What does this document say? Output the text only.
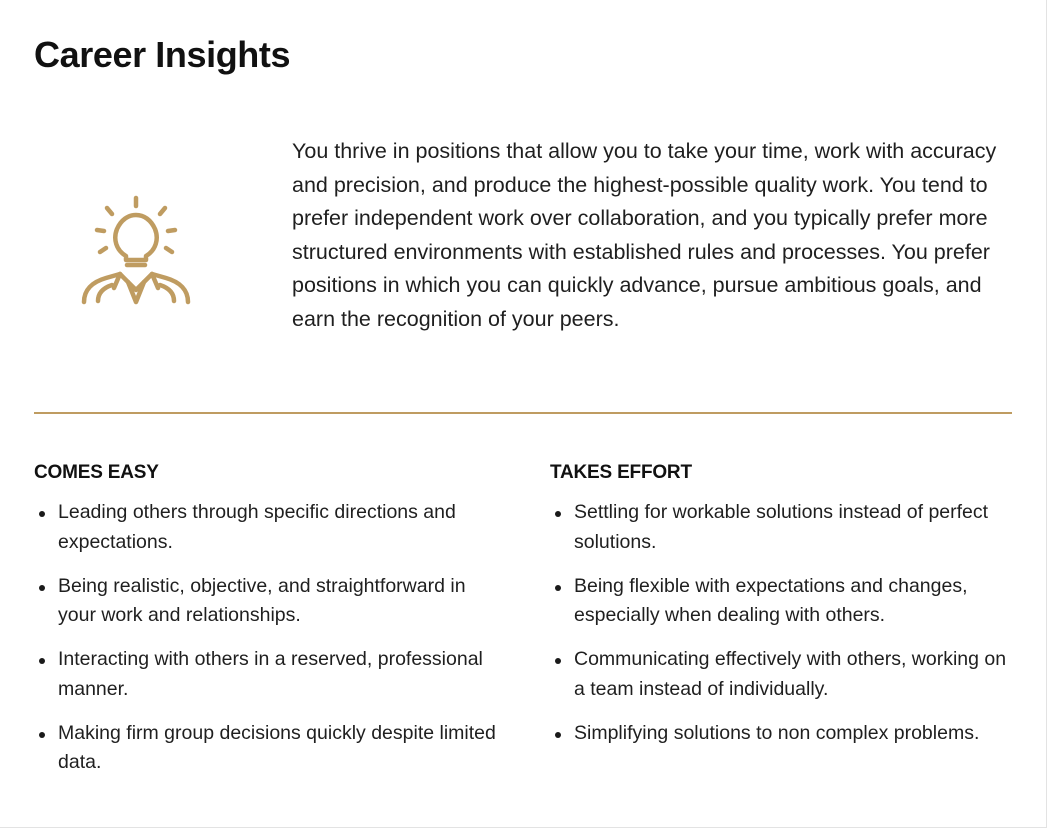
Career Insights

You thrive in positions that allow you to take your time, work with accuracy and precision, and produce the highest-possible quality work. You tend to prefer independent work over collaboration, and you typically prefer more structured environments with established rules and processes. You prefer positions in which you can quickly advance, pursue ambitious goals, and earn the recognition of your peers.

COMES EASY
Leading others through specific directions and expectations.
Being realistic, objective, and straightforward in your work and relationships.
Interacting with others in a reserved, professional manner.
Making firm group decisions quickly despite limited data.
TAKES EFFORT
Settling for workable solutions instead of perfect solutions.
Being flexible with expectations and changes, especially when dealing with others.
Communicating effectively with others, working on a team instead of individually.
Simplifying solutions to non complex problems.
